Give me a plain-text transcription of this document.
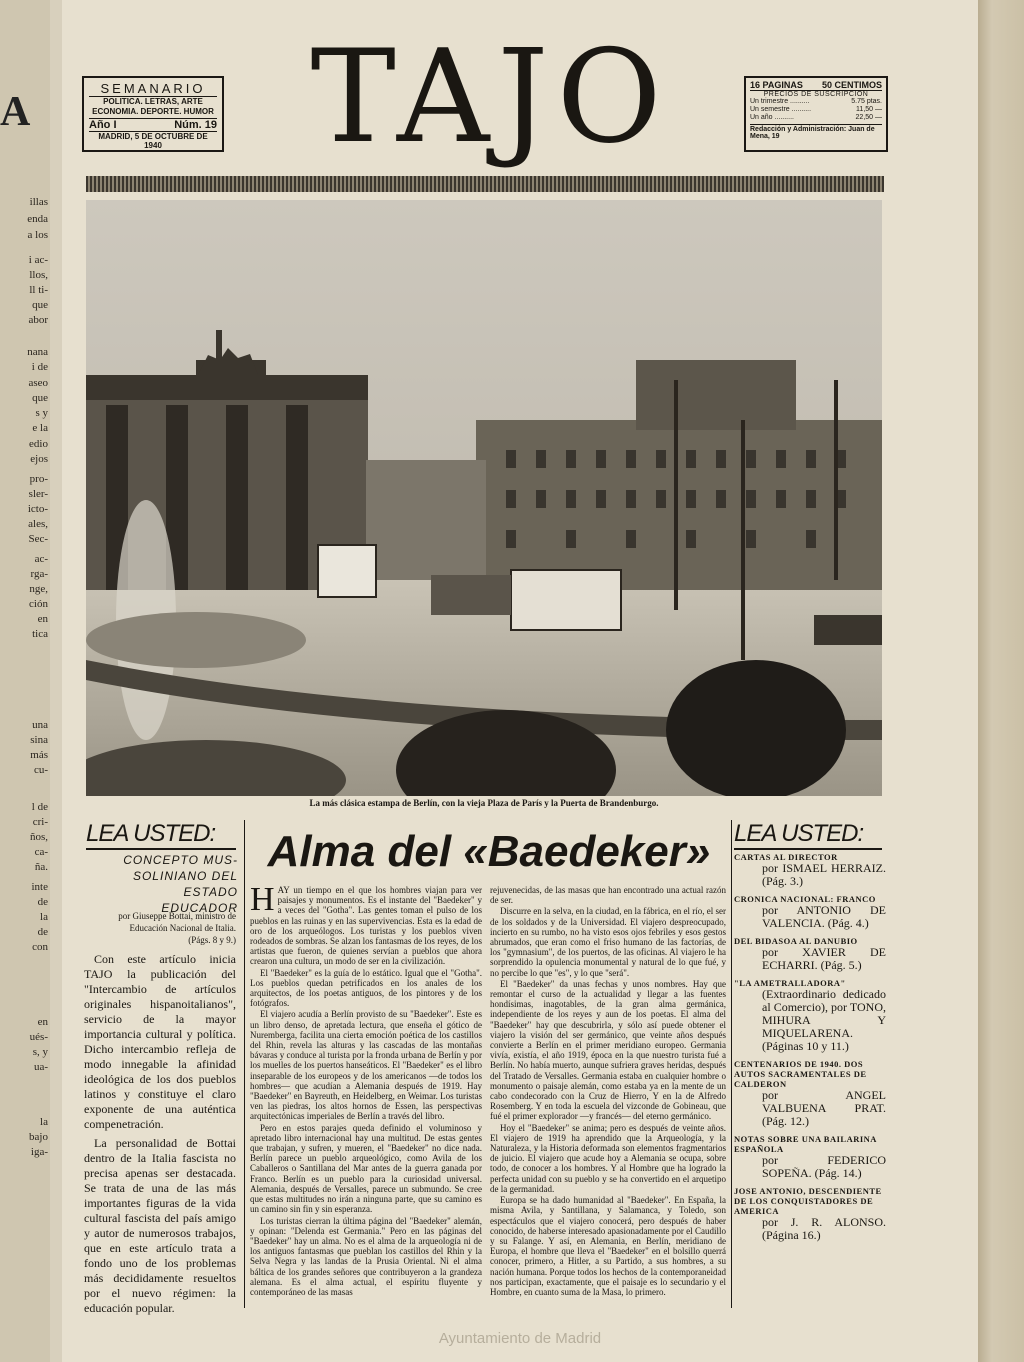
A
illas
enda
a los
i ac-
llos,
ll ti-
que
abor
nana
i de
aseo
que
s y
e la
edio
ejos
pro-
sler-
icto-
ales,
Sec-
ac-
rga-
nge,
ción
en
tica
una
sina
más
cu-
l de
cri-
ños,
ca-
ña.
inte
de
la
de
con
en
ués-
s, y
ua-
la
bajo
iga-
SEMANARIO
POLITICA. LETRAS, ARTE
ECONOMIA. DEPORTE. HUMOR
Año I	Núm. 19
MADRID, 5 DE OCTUBRE DE 1940	TAJO	16 PAGINAS 50 CENTIMOS
PRECIOS DE SUSCRIPCION
Un trimestre ..........	5.75 ptas.
Un semestre ..........	11,50 —
Un año ..........	22,50 —
Redacción y Administración: Juan de Mena, 19
La más clásica estampa de Berlín, con la vieja Plaza de París y la Puerta de Brandenburgo.
LEA USTED:
CONCEPTO MUS-SOLINIANO DEL ESTADO EDUCADOR
por Giuseppe Bottai, ministro de Educación Nacional de Italia. (Págs. 8 y 9.)

Con este artículo inicia TAJO la publicación del "Intercambio de artículos originales hispanoitalianos", servicio de la mayor importancia cultural y política. Dicho intercambio refleja de modo innegable la afinidad ideológica de los dos pueblos latinos y constituye el claro exponente de una auténtica compenetración.

La personalidad de Bottai dentro de la Italia fascista no precisa apenas ser destacada. Se trata de una de las más importantes figuras de la vida cultural fascista del país amigo y autor de numerosos trabajos, que en este artículo trata a fondo uno de los problemas más decididamente resueltos por el nuevo régimen: la educación popular.

Alma del «Baedeker»
H AY un tiempo en el que los hombres viajan para ver paisajes y monumentos. Es el instante del "Baedeker" y a veces del "Gotha". Las gentes toman el pulso de los pueblos en las ruinas y en las supervivencias. Esta es la edad de oro de los arqueólogos. Los turistas y los pueblos viven rodeados de sombras. Se alzan los fantasmas de los reyes, de los artistas que fueron, de quienes servían a pueblos que ahora crearon una cultura, un modo de ser en la civilización.

El "Baedeker" es la guía de lo estático. Igual que el "Gotha". Los pueblos quedan petrificados en los anales de los arquitectos, de los poetas antiguos, de los pintores y de los fotógrafos.

El viajero acudía a Berlín provisto de su "Baedeker". Este es un libro denso, de apretada lectura, que enseña el gótico de Nuremberga, facilita una cierta emoción poética de los castillos del Rhin, revela las alturas y las cascadas de las montañas bávaras y conduce al turista por la fronda urbana de Berlín y por los muelles de los puertos hanseáticos. El "Baedeker" es el libro inseparable de los europeos y de los americanos —de todos los hombres— que acudían a Alemania después de 1919. Hay "Baedeker" en Bayreuth, en Heidelberg, en Weimar. Los turistas ven las piedras, los altos hornos de Essen, las perspectivas arquitectónicas imperiales de Berlín a través del libro.

Pero en estos parajes queda definido el voluminoso y apretado libro internacional hay una multitud. De estas gentes que trabajan, y sufren, y mueren, el "Baedeker" no dice nada. Berlín parece un pueblo arqueológico, como Avila de los Caballeros o Santillana del Mar antes de la guerra ganada por Franco. Berlín es un pueblo para la curiosidad universal. Alemania, después de Versalles, parece un submundo. Se cree que estas multitudes no irán a ninguna parte, que su camino es un camino sin fin y sin esperanza.

Los turistas cierran la última página del "Baedeker" alemán, y opinan: "Delenda est Germania." Pero en las páginas del "Baedeker" hay un alma. No es el alma de la arqueología ni de los antiguos fantasmas que pueblan los castillos del Rhin y la Selva Negra y las landas de la Prusia Oriental. Ni el alma báltica de los grandes señores que contribuyeron a la grandeza alemana. Es el alma actual, el espíritu fluyente y contemporáneo de las masas

rejuvenecidas, de las masas que han encontrado una actual razón de ser.

Discurre en la selva, en la ciudad, en la fábrica, en el río, el ser de los soldados y de la Universidad. El viajero despreocupado, incierto en su rumbo, no ha visto esos ojos febriles y esos gestos abrumados, que eran como el friso humano de las factorías, de los "gymnasium", de los puertos, de las oficinas. Al viajero le ha sorprendido la opulencia monumental y natural de lo que fué, y no percibe lo que "es", y lo que "será".

El "Baedeker" da unas fechas y unos nombres. Hay que remontar el curso de la actualidad y llegar a las fuentes hondísimas, inagotables, de la gran alma germánica, independiente de los reyes y aun de los poetas. El alma del "Baedeker" hay que descubrirla, y sólo así puede obtener el viajero la visión del ser germánico, que veinte años después convierte a Berlín en el primer meridiano europeo. Germania vivía, existía, el año 1919, época en la que nuestro turista fué a Berlín. No había muerto, aunque sufriera graves heridas, después del Tratado de Versalles. Germania estaba en cualquier hombre o monumento o paisaje alemán, como estaba ya en la mente de un cabo condecorado con la Cruz de Hierro, Y en la de Alfredo Rosemberg. Y en toda la escuela del vizconde de Gobineau, que fué el primer explorador —y francés— del eterno germánico.

Hoy el "Baedeker" se anima; pero es después de veinte años. El viajero de 1919 ha aprendido que la Arqueología, y la Naturaleza, y la Historia deformada son elementos fragmentarios de juicio. El viajero que acude hoy a Alemania se ocupa, sobre todo, de conocer a los hombres. Y al Hombre que ha logrado la perfecta unidad con su pueblo y se ha convertido en el arquetipo de la germanidad.

Europa se ha dado humanidad al "Baedeker". En España, la misma Avila, y Santillana, y Salamanca, y Toledo, son espectáculos que el viajero conocerá, pero después de haber conocido, de haberse interesado apasionadamente por el Caudillo y su Falange. Y así, en Alemania, en Berlín, meridiano de Europa, el hombre que lleva el "Baedeker" en el bolsillo querrá conocer, primero, a Hitler, a su Partido, a sus hombres, a su nación humana. Porque todos los hechos de la contemporaneidad nos participan, exactamente, que el paisaje es lo secundario y el Hombre, en cuanto suma de la Masa, lo primero.

LEA USTED:
CARTAS AL DIRECTOR
por ISMAEL HERRAIZ. (Pág. 3.)
CRONICA NACIONAL: FRANCO
por ANTONIO DE VALENCIA. (Pág. 4.)
DEL BIDASOA AL DANUBIO
por XAVIER DE ECHARRI. (Pág. 5.)
"LA AMETRALLADORA"
(Extraordinario dedicado al Comercio), por TONO, MIHURA Y MIQUELARENA. (Páginas 10 y 11.)
CENTENARIOS DE 1940. DOS AUTOS SACRAMENTALES DE CALDERON
por ANGEL VALBUENA PRAT. (Pág. 12.)
NOTAS SOBRE UNA BAILARINA ESPAÑOLA
por FEDERICO SOPEÑA. (Pág. 14.)
JOSE ANTONIO, DESCENDIENTE DE LOS CONQUISTADORES DE AMERICA
por J. R. ALONSO. (Página 16.)
Ayuntamiento de Madrid
